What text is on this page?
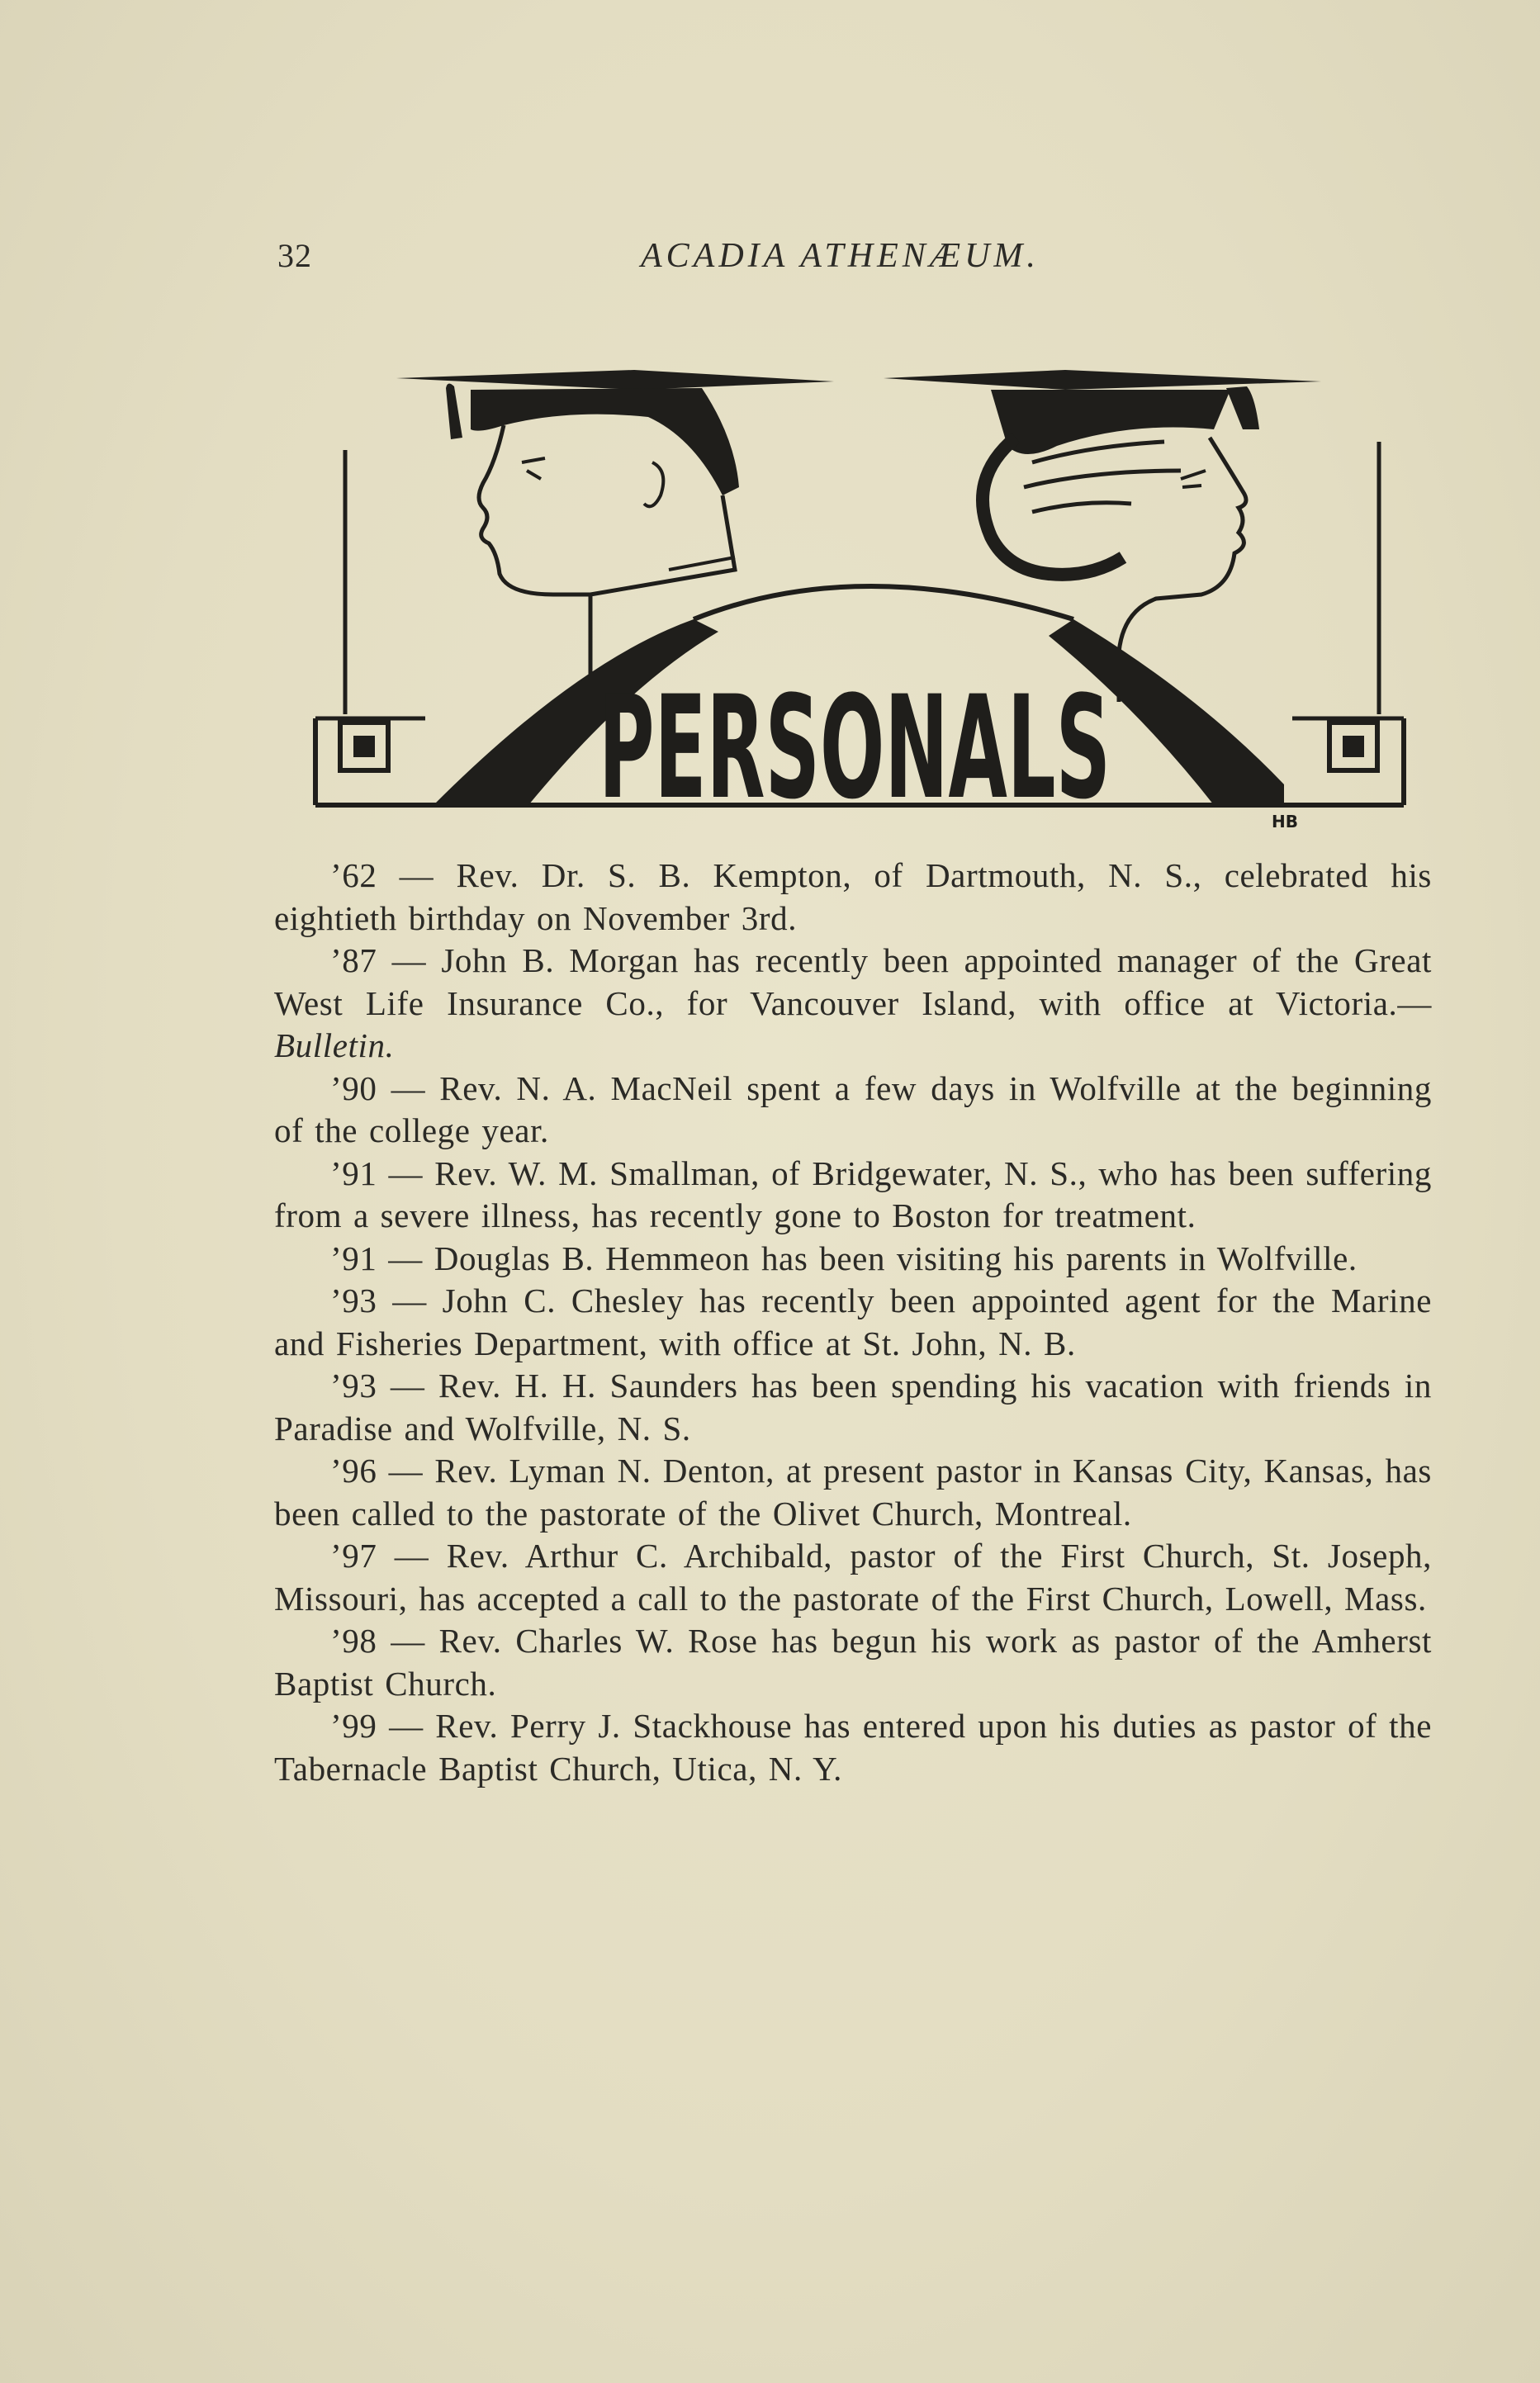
32	ACADIA ATHENÆUM.
PERSONALS	HB

’62 — Rev. Dr. S. B. Kempton, of Dartmouth, N. S., celebrated his eightieth birthday on November 3rd.

’87 — John B. Morgan has recently been appointed manager of the Great West Life Insurance Co., for Vancouver Island, with office at Victoria.— Bulletin.

’90 — Rev. N. A. MacNeil spent a few days in Wolfville at the beginning of the college year.

’91 — Rev. W. M. Smallman, of Bridgewater, N. S., who has been suffering from a severe illness, has recently gone to Boston for treatment.

’91 — Douglas B. Hemmeon has been visiting his parents in Wolfville.

’93 — John C. Chesley has recently been appointed agent for the Marine and Fisheries Department, with office at St. John, N. B.

’93 — Rev. H. H. Saunders has been spending his vacation with friends in Paradise and Wolfville, N. S.

’96 — Rev. Lyman N. Denton, at present pastor in Kansas City, Kansas, has been called to the pastorate of the Olivet Church, Montreal.

’97 — Rev. Arthur C. Archibald, pastor of the First Church, St. Joseph, Missouri, has accepted a call to the pastorate of the First Church, Lowell, Mass.

’98 — Rev. Charles W. Rose has begun his work as pastor of the Amherst Baptist Church.

’99 — Rev. Perry J. Stackhouse has entered upon his duties as pastor of the Tabernacle Baptist Church, Utica, N. Y.
